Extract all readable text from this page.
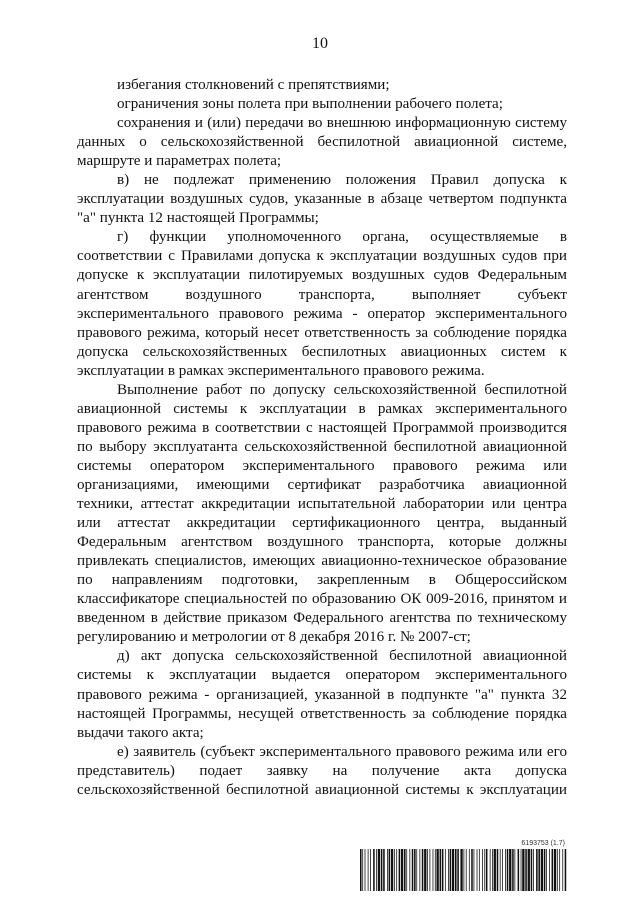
10

избегания столкновений с препятствиями;

ограничения зоны полета при выполнении рабочего полета;

сохранения и (или) передачи во внешнюю информационную систему данных о сельскохозяйственной беспилотной авиационной системе, маршруте и параметрах полета;

в) не подлежат применению положения Правил допуска к эксплуатации воздушных судов, указанные в абзаце четвертом подпункта "а" пункта 12 настоящей Программы;

г) функции уполномоченного органа, осуществляемые в соответствии с Правилами допуска к эксплуатации воздушных судов при допуске к эксплуатации пилотируемых воздушных судов Федеральным агентством воздушного транспорта, выполняет субъект экспериментального правового режима - оператор экспериментального правового режима, который несет ответственность за соблюдение порядка допуска сельскохозяйственных беспилотных авиационных систем к эксплуатации в рамках экспериментального правового режима.

Выполнение работ по допуску сельскохозяйственной беспилотной авиационной системы к эксплуатации в рамках экспериментального правового режима в соответствии с настоящей Программой производится по выбору эксплуатанта сельскохозяйственной беспилотной авиационной системы оператором экспериментального правового режима или организациями, имеющими сертификат разработчика авиационной техники, аттестат аккредитации испытательной лаборатории или центра или аттестат аккредитации сертификационного центра, выданный Федеральным агентством воздушного транспорта, которые должны привлекать специалистов, имеющих авиационно-техническое образование по направлениям подготовки, закрепленным в Общероссийском классификаторе специальностей по образованию ОК 009-2016, принятом и введенном в действие приказом Федерального агентства по техническому регулированию и метрологии от 8 декабря 2016 г. № 2007-ст;

д) акт допуска сельскохозяйственной беспилотной авиационной системы к эксплуатации выдается оператором экспериментального правового режима - организацией, указанной в подпункте "а" пункта 32 настоящей Программы, несущей ответственность за соблюдение порядка выдачи такого акта;

е) заявитель (субъект экспериментального правового режима или его представитель) подает заявку на получение акта допуска сельскохозяйственной беспилотной авиационной системы к эксплуатации

6193753 (1.7)
